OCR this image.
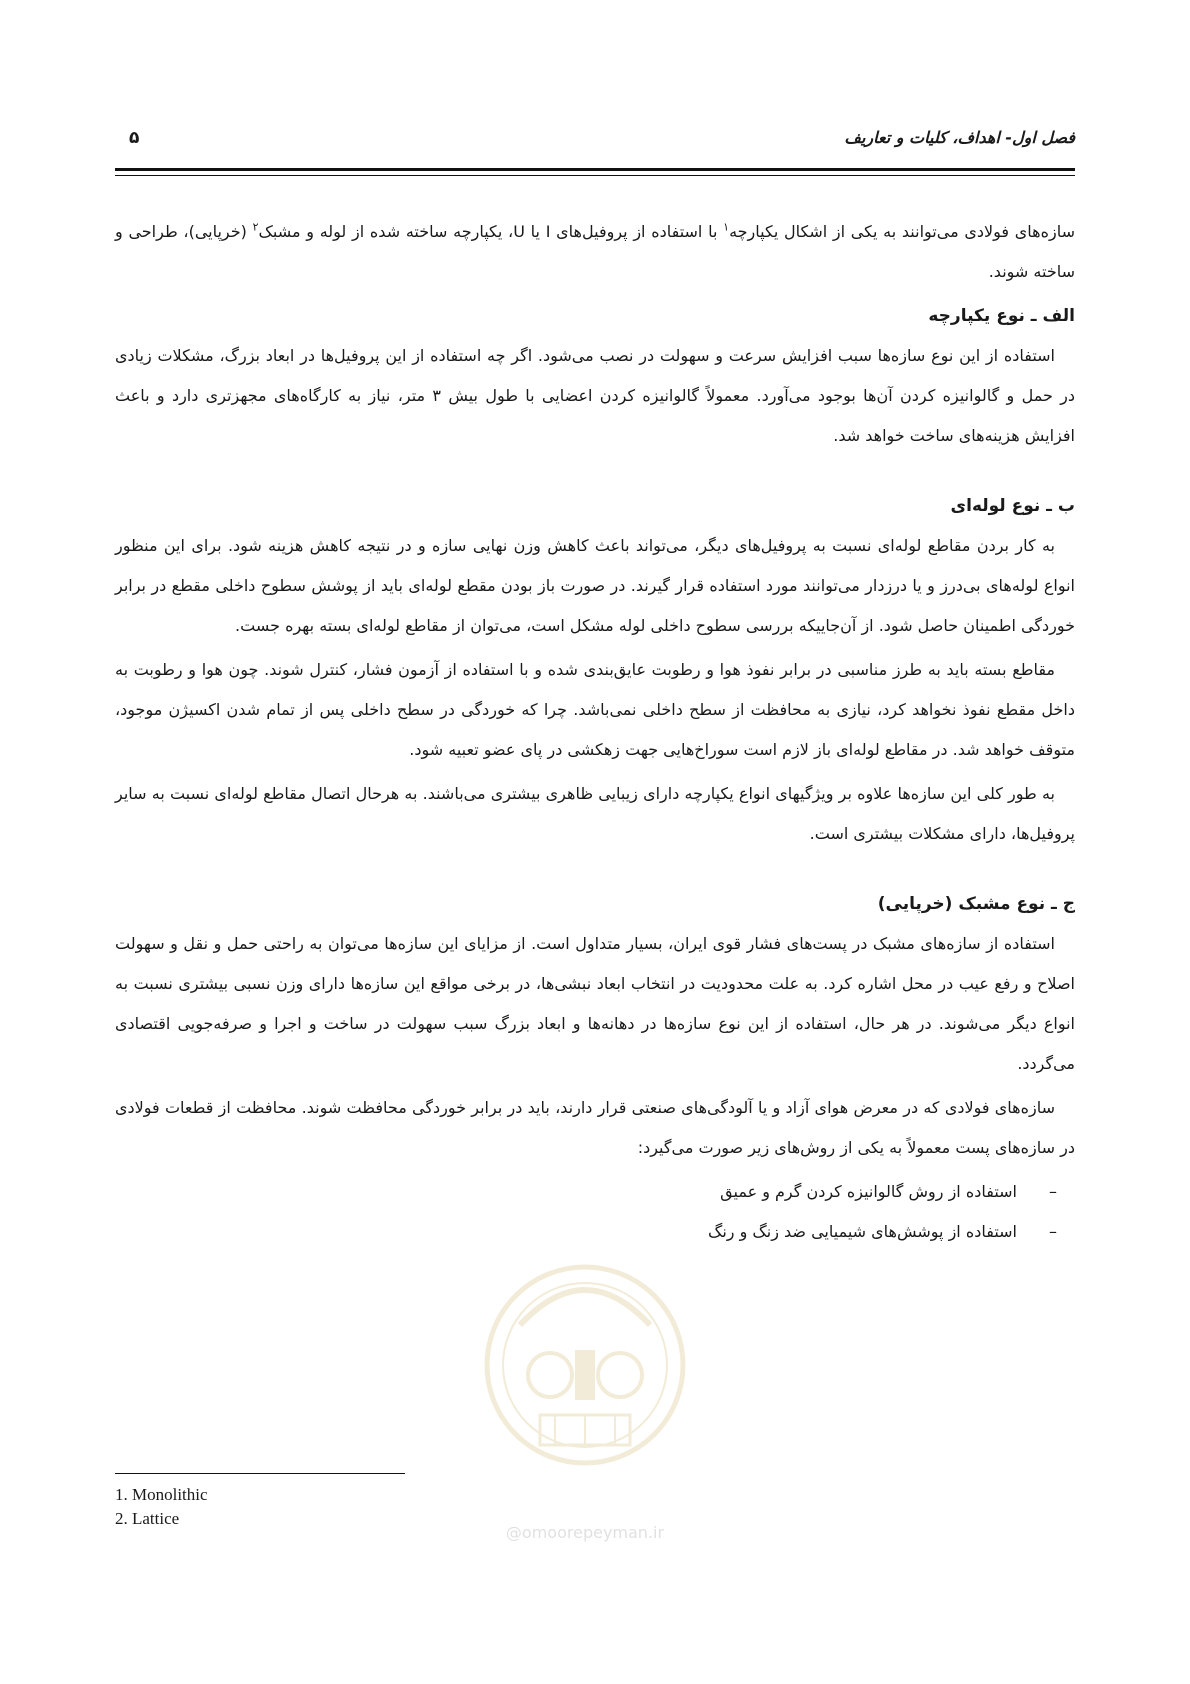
فصل اول- اهداف، کلیات و تعاریف
۵

سازه‌های فولادی می‌توانند به یکی از اشکال یکپارچه$^۱$ با استفاده از پروفیل‌های I یا U، یکپارچه ساخته شده از لوله و مشبک$^۲$ (خرپایی)، طراحی و ساخته شوند.

الف ـ نوع یکپارچه

استفاده از این نوع سازه‌ها سبب افزایش سرعت و سهولت در نصب می‌شود. اگر چه استفاده از این پروفیل‌ها در ابعاد بزرگ، مشکلات زیادی در حمل و گالوانیزه کردن آن‌ها بوجود می‌آورد. معمولاً گالوانیزه کردن اعضایی با طول بیش ۳ متر، نیاز به کارگاه‌های مجهزتری دارد و باعث افزایش هزینه‌های ساخت خواهد شد.

ب ـ نوع لوله‌ای

به کار بردن مقاطع لوله‌ای نسبت به پروفیل‌های دیگر، می‌تواند باعث کاهش وزن نهایی سازه و در نتیجه کاهش هزینه شود. برای این منظور انواع لوله‌های بی‌درز و یا درزدار می‌توانند مورد استفاده قرار گیرند. در صورت باز بودن مقطع لوله‌ای باید از پوشش سطوح داخلی مقطع در برابر خوردگی اطمینان حاصل شود. از آن‌جاییکه بررسی سطوح داخلی لوله مشکل است، می‌توان از مقاطع لوله‌ای بسته بهره جست.

مقاطع بسته باید به طرز مناسبی در برابر نفوذ هوا و رطوبت عایق‌بندی شده و با استفاده از آزمون فشار، کنترل شوند. چون هوا و رطوبت به داخل مقطع نفوذ نخواهد کرد، نیازی به محافظت از سطح داخلی نمی‌باشد. چرا که خوردگی در سطح داخلی پس از تمام شدن اکسیژن موجود، متوقف خواهد شد. در مقاطع لوله‌ای باز لازم است سوراخ‌هایی جهت زهکشی در پای عضو تعبیه شود.

به طور کلی این سازه‌ها علاوه بر ویژگیهای انواع یکپارچه دارای زیبایی ظاهری بیشتری می‌باشند. به هرحال اتصال مقاطع لوله‌ای نسبت به سایر پروفیل‌ها، دارای مشکلات بیشتری است.

ج ـ نوع مشبک (خرپایی)

استفاده از سازه‌های مشبک در پست‌های فشار قوی ایران، بسیار متداول است. از مزایای این سازه‌ها می‌توان به راحتی حمل و نقل و سهولت اصلاح و رفع عیب در محل اشاره کرد. به علت محدودیت در انتخاب ابعاد نبشی‌ها، در برخی مواقع این سازه‌ها دارای وزن نسبی بیشتری نسبت به انواع دیگر می‌شوند. در هر حال، استفاده از این نوع سازه‌ها در دهانه‌ها و ابعاد بزرگ سبب سهولت در ساخت و اجرا و صرفه‌جویی اقتصادی می‌گردد.

سازه‌های فولادی که در معرض هوای آزاد و یا آلودگی‌های صنعتی قرار دارند، باید در برابر خوردگی محافظت شوند. محافظت از قطعات فولادی در سازه‌های پست معمولاً به یکی از روش‌های زیر صورت می‌گیرد:

–استفاده از روش گالوانیزه کردن گرم و عمیق
–استفاده از پوشش‌های شیمیایی ضد زنگ و رنگ
@omoorepeyman.ir
1. Monolithic
2. Lattice
